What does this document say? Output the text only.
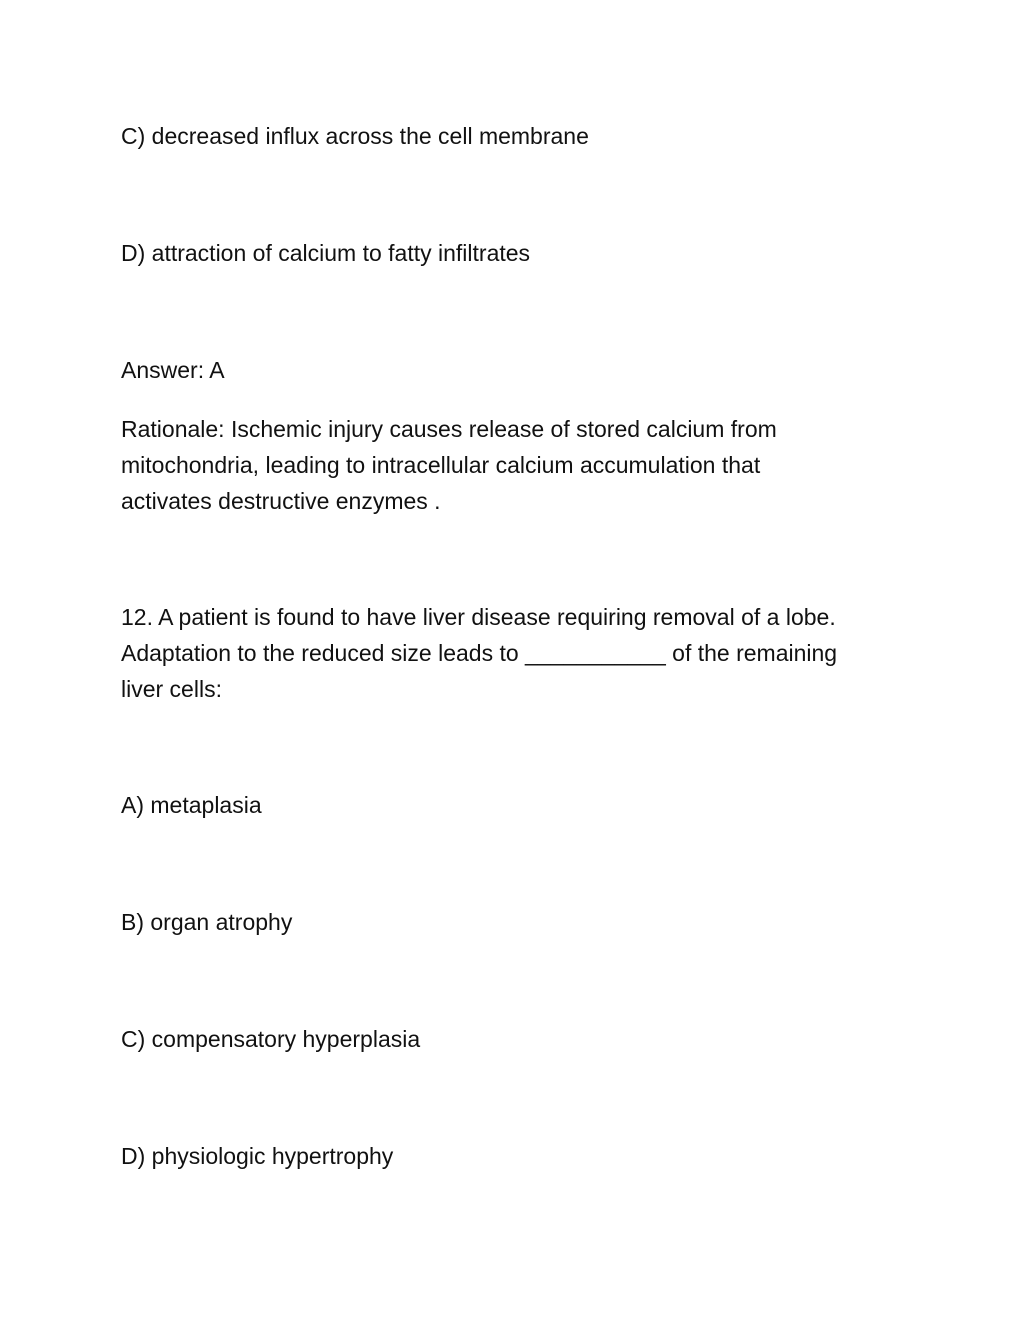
C) decreased influx across the cell membrane
D) attraction of calcium to fatty infiltrates
Answer: A
Rationale: Ischemic injury causes release of stored calcium from
mitochondria, leading to intracellular calcium accumulation that
activates destructive enzymes .
12. A patient is found to have liver disease requiring removal of a lobe.
Adaptation to the reduced size leads to ___________ of the remaining
liver cells:
A) metaplasia
B) organ atrophy
C) compensatory hyperplasia
D) physiologic hypertrophy
